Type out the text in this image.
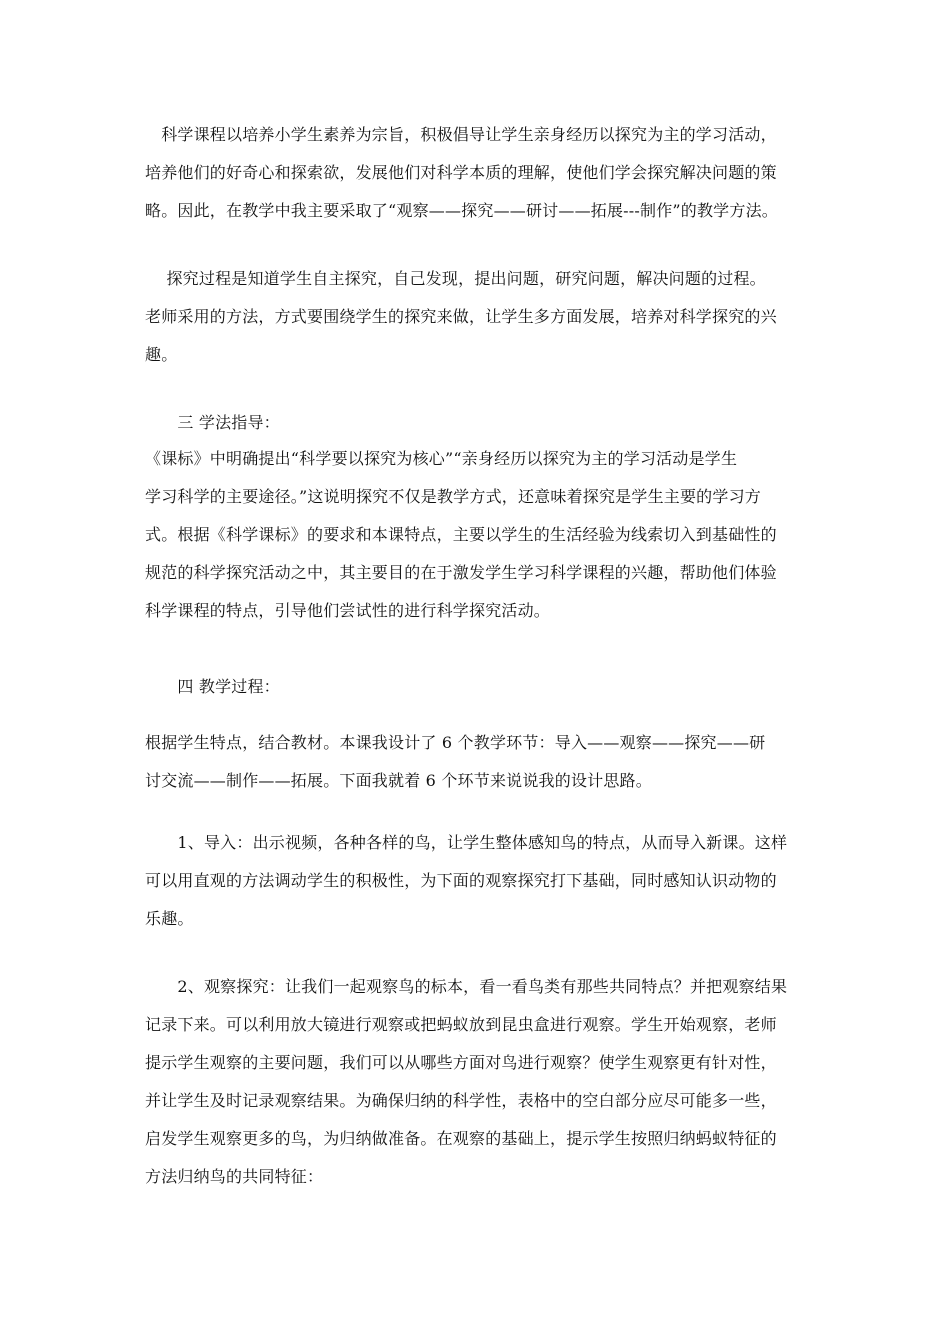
　科学课程以培养小学生素养为宗旨，积极倡导让学生亲身经历以探究为主的学习活动，
培养他们的好奇心和探索欲，发展他们对科学本质的理解，使他们学会探究解决问题的策
略。因此，在教学中我主要采取了“观察——探究——研讨——拓展---制作”的教学方法。
　 探究过程是知道学生自主探究，自己发现，提出问题，研究问题，解决问题的过程。
老师采用的方法，方式要围绕学生的探究来做，让学生多方面发展，培养对科学探究的兴
趣。
　　三 学法指导：
《课标》中明确提出“科学要以探究为核心”“亲身经历以探究为主的学习活动是学生
学习科学的主要途径。”这说明探究不仅是教学方式，还意味着探究是学生主要的学习方
式。根据《科学课标》的要求和本课特点，主要以学生的生活经验为线索切入到基础性的
规范的科学探究活动之中，其主要目的在于激发学生学习科学课程的兴趣，帮助他们体验
科学课程的特点，引导他们尝试性的进行科学探究活动。
　　四 教学过程：
根据学生特点，结合教材。本课我设计了 6 个教学环节：导入——观察——探究——研
讨交流——制作——拓展。下面我就着 6 个环节来说说我的设计思路。
　　1、导入：出示视频，各种各样的鸟，让学生整体感知鸟的特点，从而导入新课。这样
可以用直观的方法调动学生的积极性，为下面的观察探究打下基础，同时感知认识动物的
乐趣。
　　2、观察探究：让我们一起观察鸟的标本，看一看鸟类有那些共同特点？并把观察结果
记录下来。可以利用放大镜进行观察或把蚂蚁放到昆虫盒进行观察。学生开始观察，老师
提示学生观察的主要问题，我们可以从哪些方面对鸟进行观察？使学生观察更有针对性，
并让学生及时记录观察结果。为确保归纳的科学性，表格中的空白部分应尽可能多一些，
启发学生观察更多的鸟，为归纳做准备。在观察的基础上，提示学生按照归纳蚂蚁特征的
方法归纳鸟的共同特征：
